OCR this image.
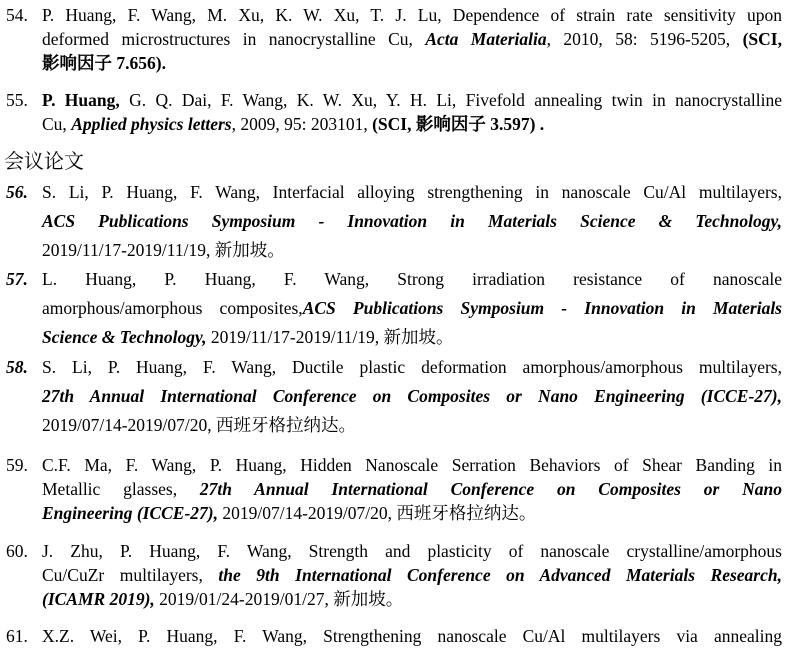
54. P. Huang, F. Wang, M. Xu, K. W. Xu, T. J. Lu, Dependence of strain rate sensitivity upon
deformed microstructures in nanocrystalline Cu, Acta Materialia, 2010, 58: 5196-5205, (SCI,
影响因子 7.656).
55. P. Huang, G. Q. Dai, F. Wang, K. W. Xu, Y. H. Li, Fivefold annealing twin in nanocrystalline
Cu, Applied physics letters, 2009, 95: 203101, (SCI, 影响因子 3.597) .
56. S. Li, P. Huang, F. Wang, Interfacial alloying strengthening in nanoscale Cu/Al multilayers,
ACS Publications Symposium - Innovation in Materials Science & Technology,
2019/11/17-2019/11/19, 新加坡。
57. L. Huang, P. Huang, F. Wang, Strong irradiation resistance of nanoscale
amorphous/amorphous composites,ACS Publications Symposium - Innovation in Materials
Science & Technology, 2019/11/17-2019/11/19, 新加坡。
58. S. Li, P. Huang, F. Wang, Ductile plastic deformation amorphous/amorphous multilayers,
27th Annual International Conference on Composites or Nano Engineering (ICCE-27),
2019/07/14-2019/07/20, 西班牙格拉纳达。
59. C.F. Ma, F. Wang, P. Huang, Hidden Nanoscale Serration Behaviors of Shear Banding in
Metallic glasses, 27th Annual International Conference on Composites or Nano
Engineering (ICCE-27), 2019/07/14-2019/07/20, 西班牙格拉纳达。
60. J. Zhu, P. Huang, F. Wang, Strength and plasticity of nanoscale crystalline/amorphous
Cu/CuZr multilayers, the 9th International Conference on Advanced Materials Research,
(ICAMR 2019), 2019/01/24-2019/01/27, 新加坡。
61. X.Z. Wei, P. Huang, F. Wang, Strengthening nanoscale Cu/Al multilayers via annealing
会议论文
